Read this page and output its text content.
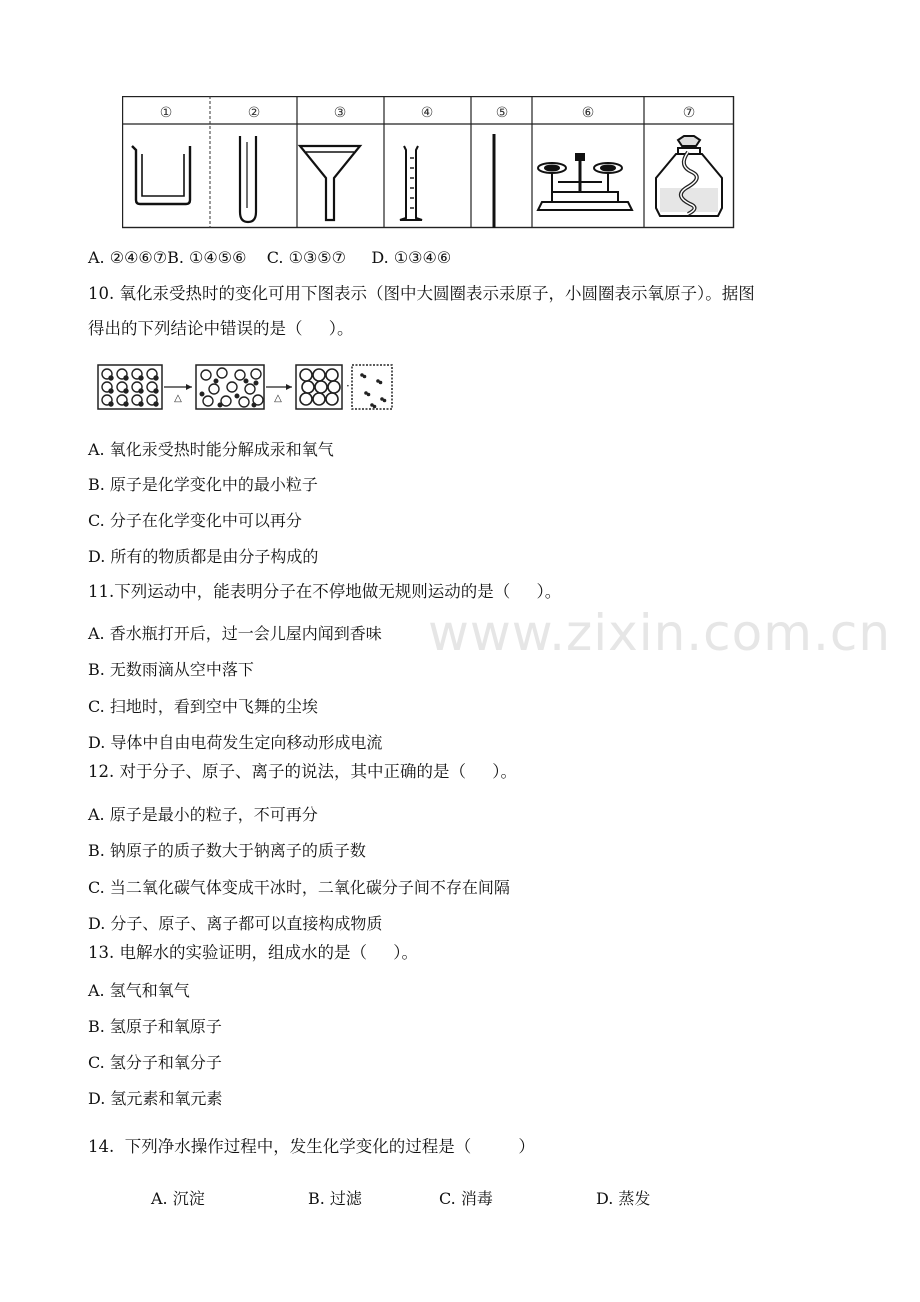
www.zixin.com.cn
①	②	③	④	⑤	⑥	⑦
A. ②④⑥⑦B. ①④⑤⑥    C. ①③⑤⑦     D. ①③④⑥
10. 氧化汞受热时的变化可用下图表示（图中大圆圈表示汞原子，小圆圈表示氧原子）。据图
得出的下列结论中错误的是（     ）。
△	△
·
A. 氧化汞受热时能分解成汞和氧气
B. 原子是化学变化中的最小粒子
C. 分子在化学变化中可以再分
D. 所有的物质都是由分子构成的
11.下列运动中，能表明分子在不停地做无规则运动的是（     ）。
A. 香水瓶打开后，过一会儿屋内闻到香味
B. 无数雨滴从空中落下
C. 扫地时，看到空中飞舞的尘埃
D. 导体中自由电荷发生定向移动形成电流
12. 对于分子、原子、离子的说法，其中正确的是（     ）。
A. 原子是最小的粒子，不可再分
B. 钠原子的质子数大于钠离子的质子数
C. 当二氧化碳气体变成干冰时，二氧化碳分子间不存在间隔
D. 分子、原子、离子都可以直接构成物质
13. 电解水的实验证明，组成水的是（     ）。
A. 氢气和氧气
B. 氢原子和氧原子
C. 氢分子和氧分子
D. 氢元素和氧元素
14.  下列净水操作过程中，发生化学变化的过程是（         ）
A. 沉淀	B. 过滤	C. 消毒	D. 蒸发
